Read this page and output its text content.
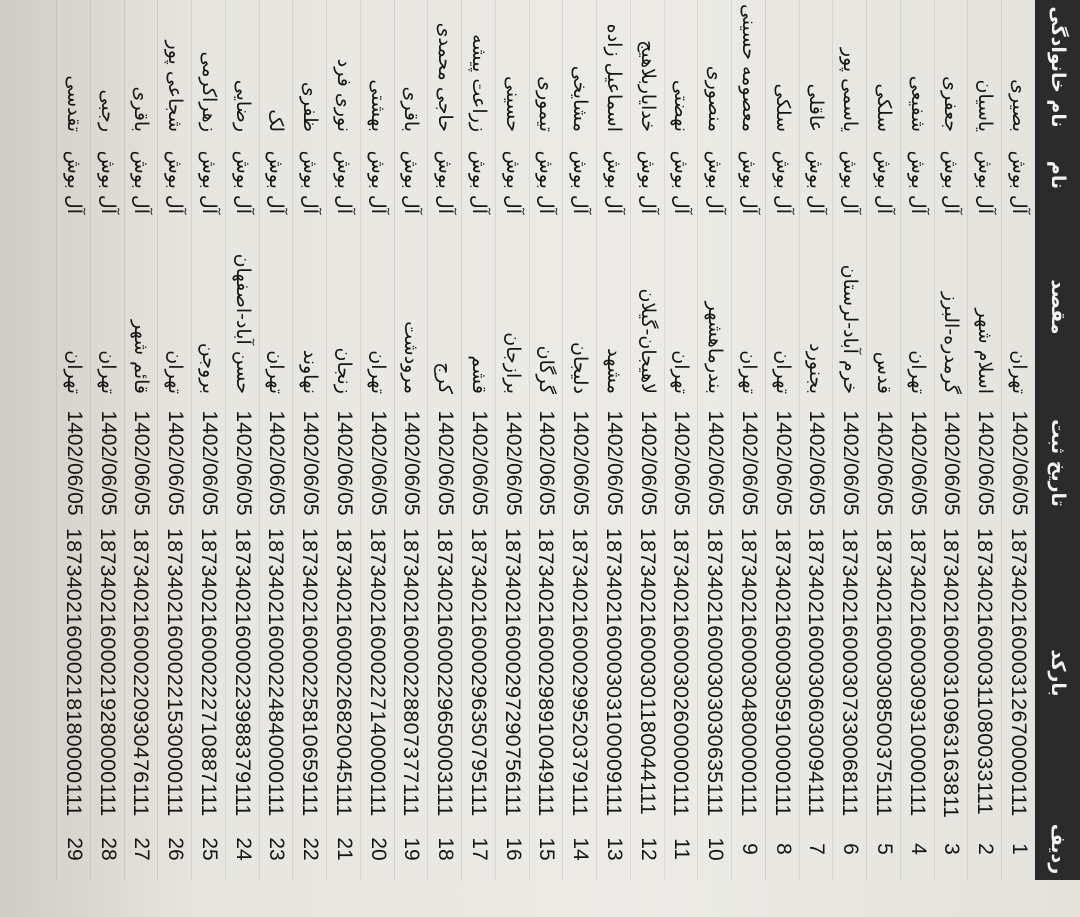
ردیف
بارکد
تاریخ ثبت
مقصد
نام
نام خانوادگی
1
187340216000312670000111
1402/06/05
تهران
آل بوش
بصیری
2
187340216000311080033111
1402/06/05
اسلام شهر
آل بوش
یاسیان
3
187340216000310963163811
1402/06/05
گرمدره-البرز
آل بوش
جعفری
4
187340216000309310000111
1402/06/05
تهران
آل بوش
شفیعی
5
187340216000308500375111
1402/06/05
قدس
آل بوش
سلکی
6
187340216000307330068111
1402/06/05
خرم آباد-لرستان
آل بوش
یاسمی پور
7
187340216000306030094111
1402/06/05
بجنورد
آل بوش
عاقلی
8
187340216000305910000111
1402/06/05
تهران
آل بوش
سلکی
9
187340216000304800000111
1402/06/05
تهران
آل بوش
معصومه حسینی
10
187340216000303030635111
1402/06/05
بندرماهشهر
آل بوش
منصوری
11
187340216000302600000111
1402/06/05
تهران
آل بوش
نهضتی
12
187340216000301180044111
1402/06/05
لاهیجان-گیلان
آل بوش
خدایاربلاهیج
13
187340216000303100009111
1402/06/05
مشهد
آل بوش
اسماعیل زاده
14
187340216000299520379111
1402/06/05
دلیجان
آل بوش
مشایخی
15
187340216000298910049111
1402/06/05
گرگان
آل بوش
تیموری
16
187340216000297290756111
1402/06/05
برازجان
آل بوش
حسینی
17
187340216000296350795111
1402/06/05
قشم
آل بوش
زراعت پیشه
18
187340216000229650003111
1402/06/05
کرج
آل بوش
حاجی محمدی
19
187340216000228807377111
1402/06/05
مرودشت
آل بوش
باقری
20
187340216000227140000111
1402/06/05
تهران
آل بوش
بهشتی
21
187340216000226820045111
1402/06/05
زنجان
آل بوش
نوری فرد
22
187340216000225810659111
1402/06/05
نهاوند
آل بوش
ظفری
23
187340216000224840000111
1402/06/05
تهران
آل بوش
لک
24
187340216000223988379111
1402/06/05
حسن آباد-اصفهان
آل بوش
رضایی
25
187340216000222710887111
1402/06/05
بروجن
آل بوش
زهراکرمی
26
187340216000221530000111
1402/06/05
تهران
آل بوش
شجاعی پور
27
187340216000220930476111
1402/06/05
قائم شهر
آل بوش
باقری
28
187340216000219280000111
1402/06/05
تهران
آل بوش
رجبی
29
187340216000218180000111
1402/06/05
تهران
آل بوش
تقدسی
